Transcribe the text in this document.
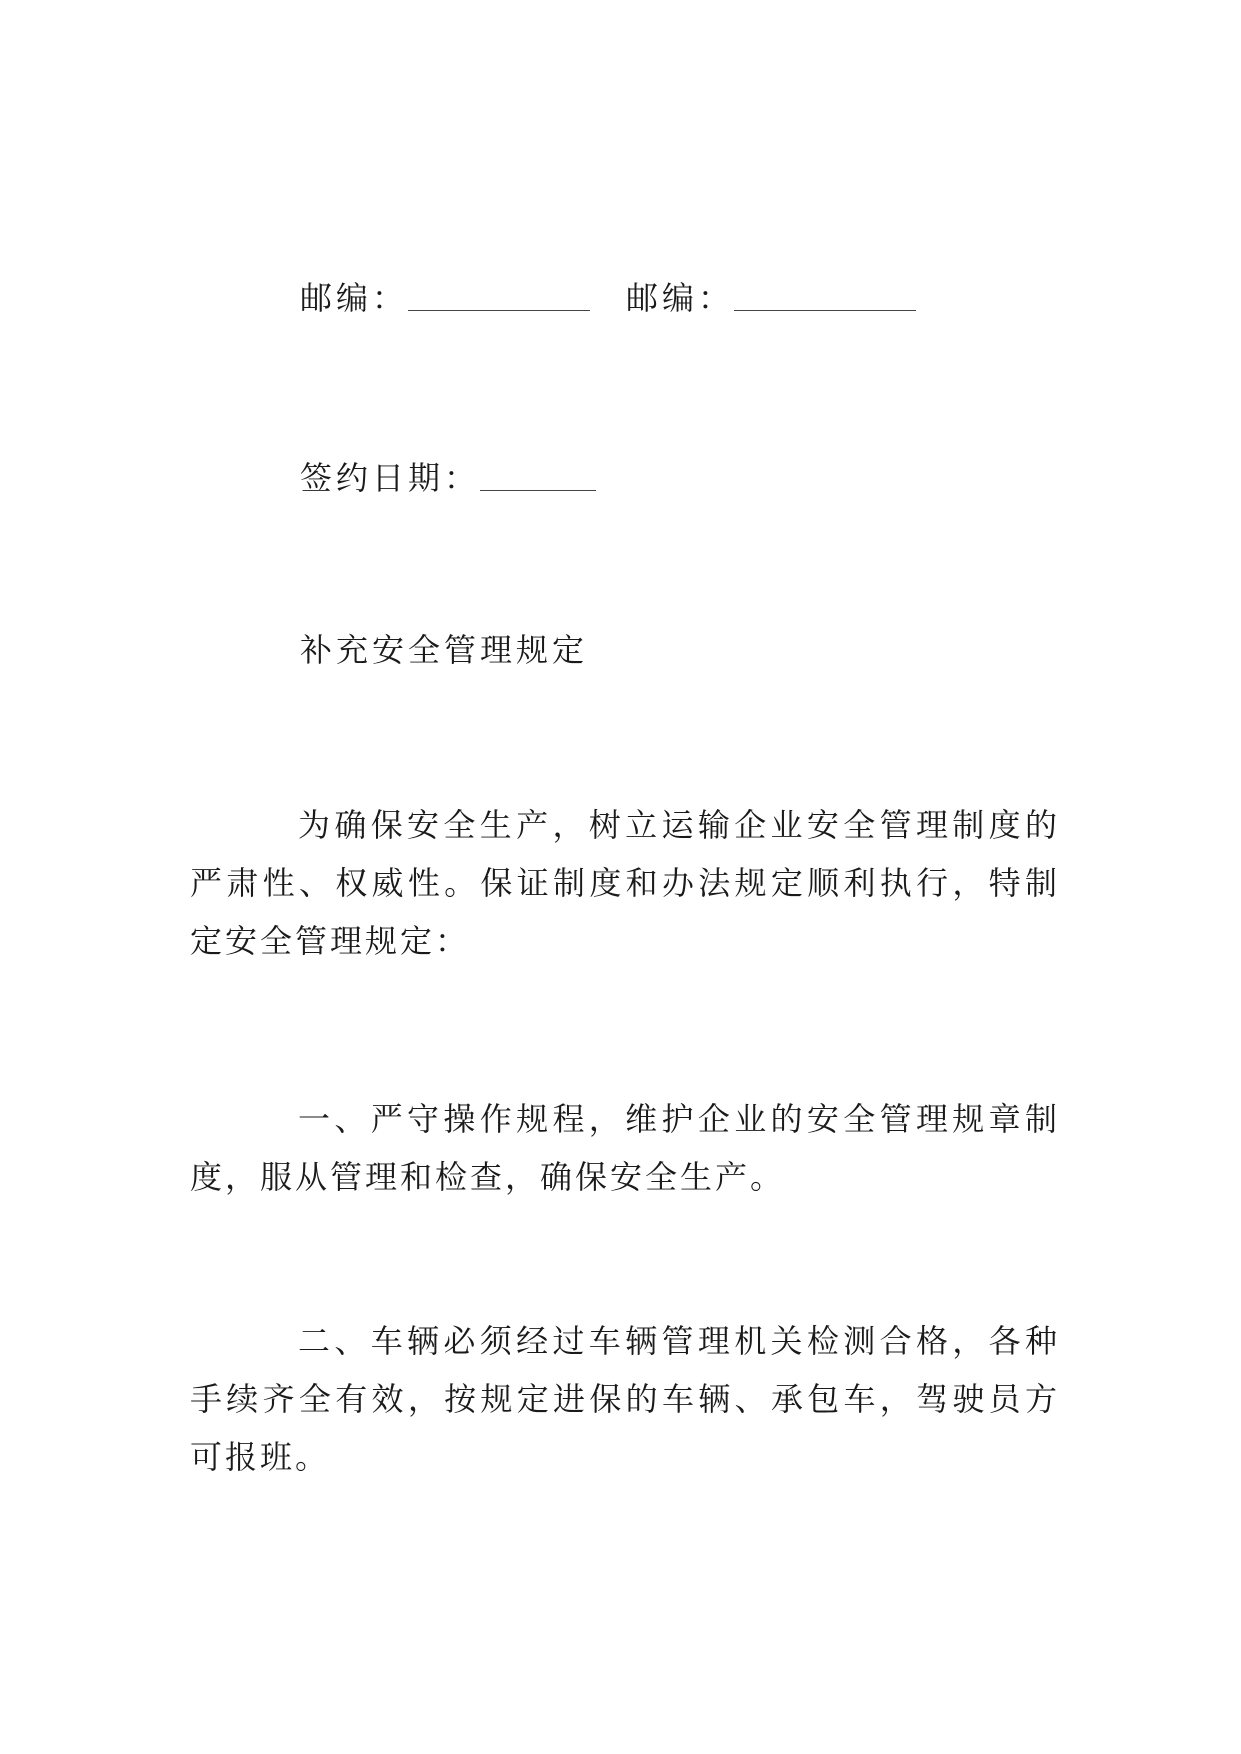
邮编：	邮编：
签约日期：
补充安全管理规定
为确保安全生产，树立运输企业安全管理制度的严肃性、权威性。保证制度和办法规定顺利执行，特制定安全管理规定：
一、严守操作规程，维护企业的安全管理规章制度，服从管理和检查，确保安全生产。
二、车辆必须经过车辆管理机关检测合格，各种手续齐全有效，按规定进保的车辆、承包车，驾驶员方可报班。
